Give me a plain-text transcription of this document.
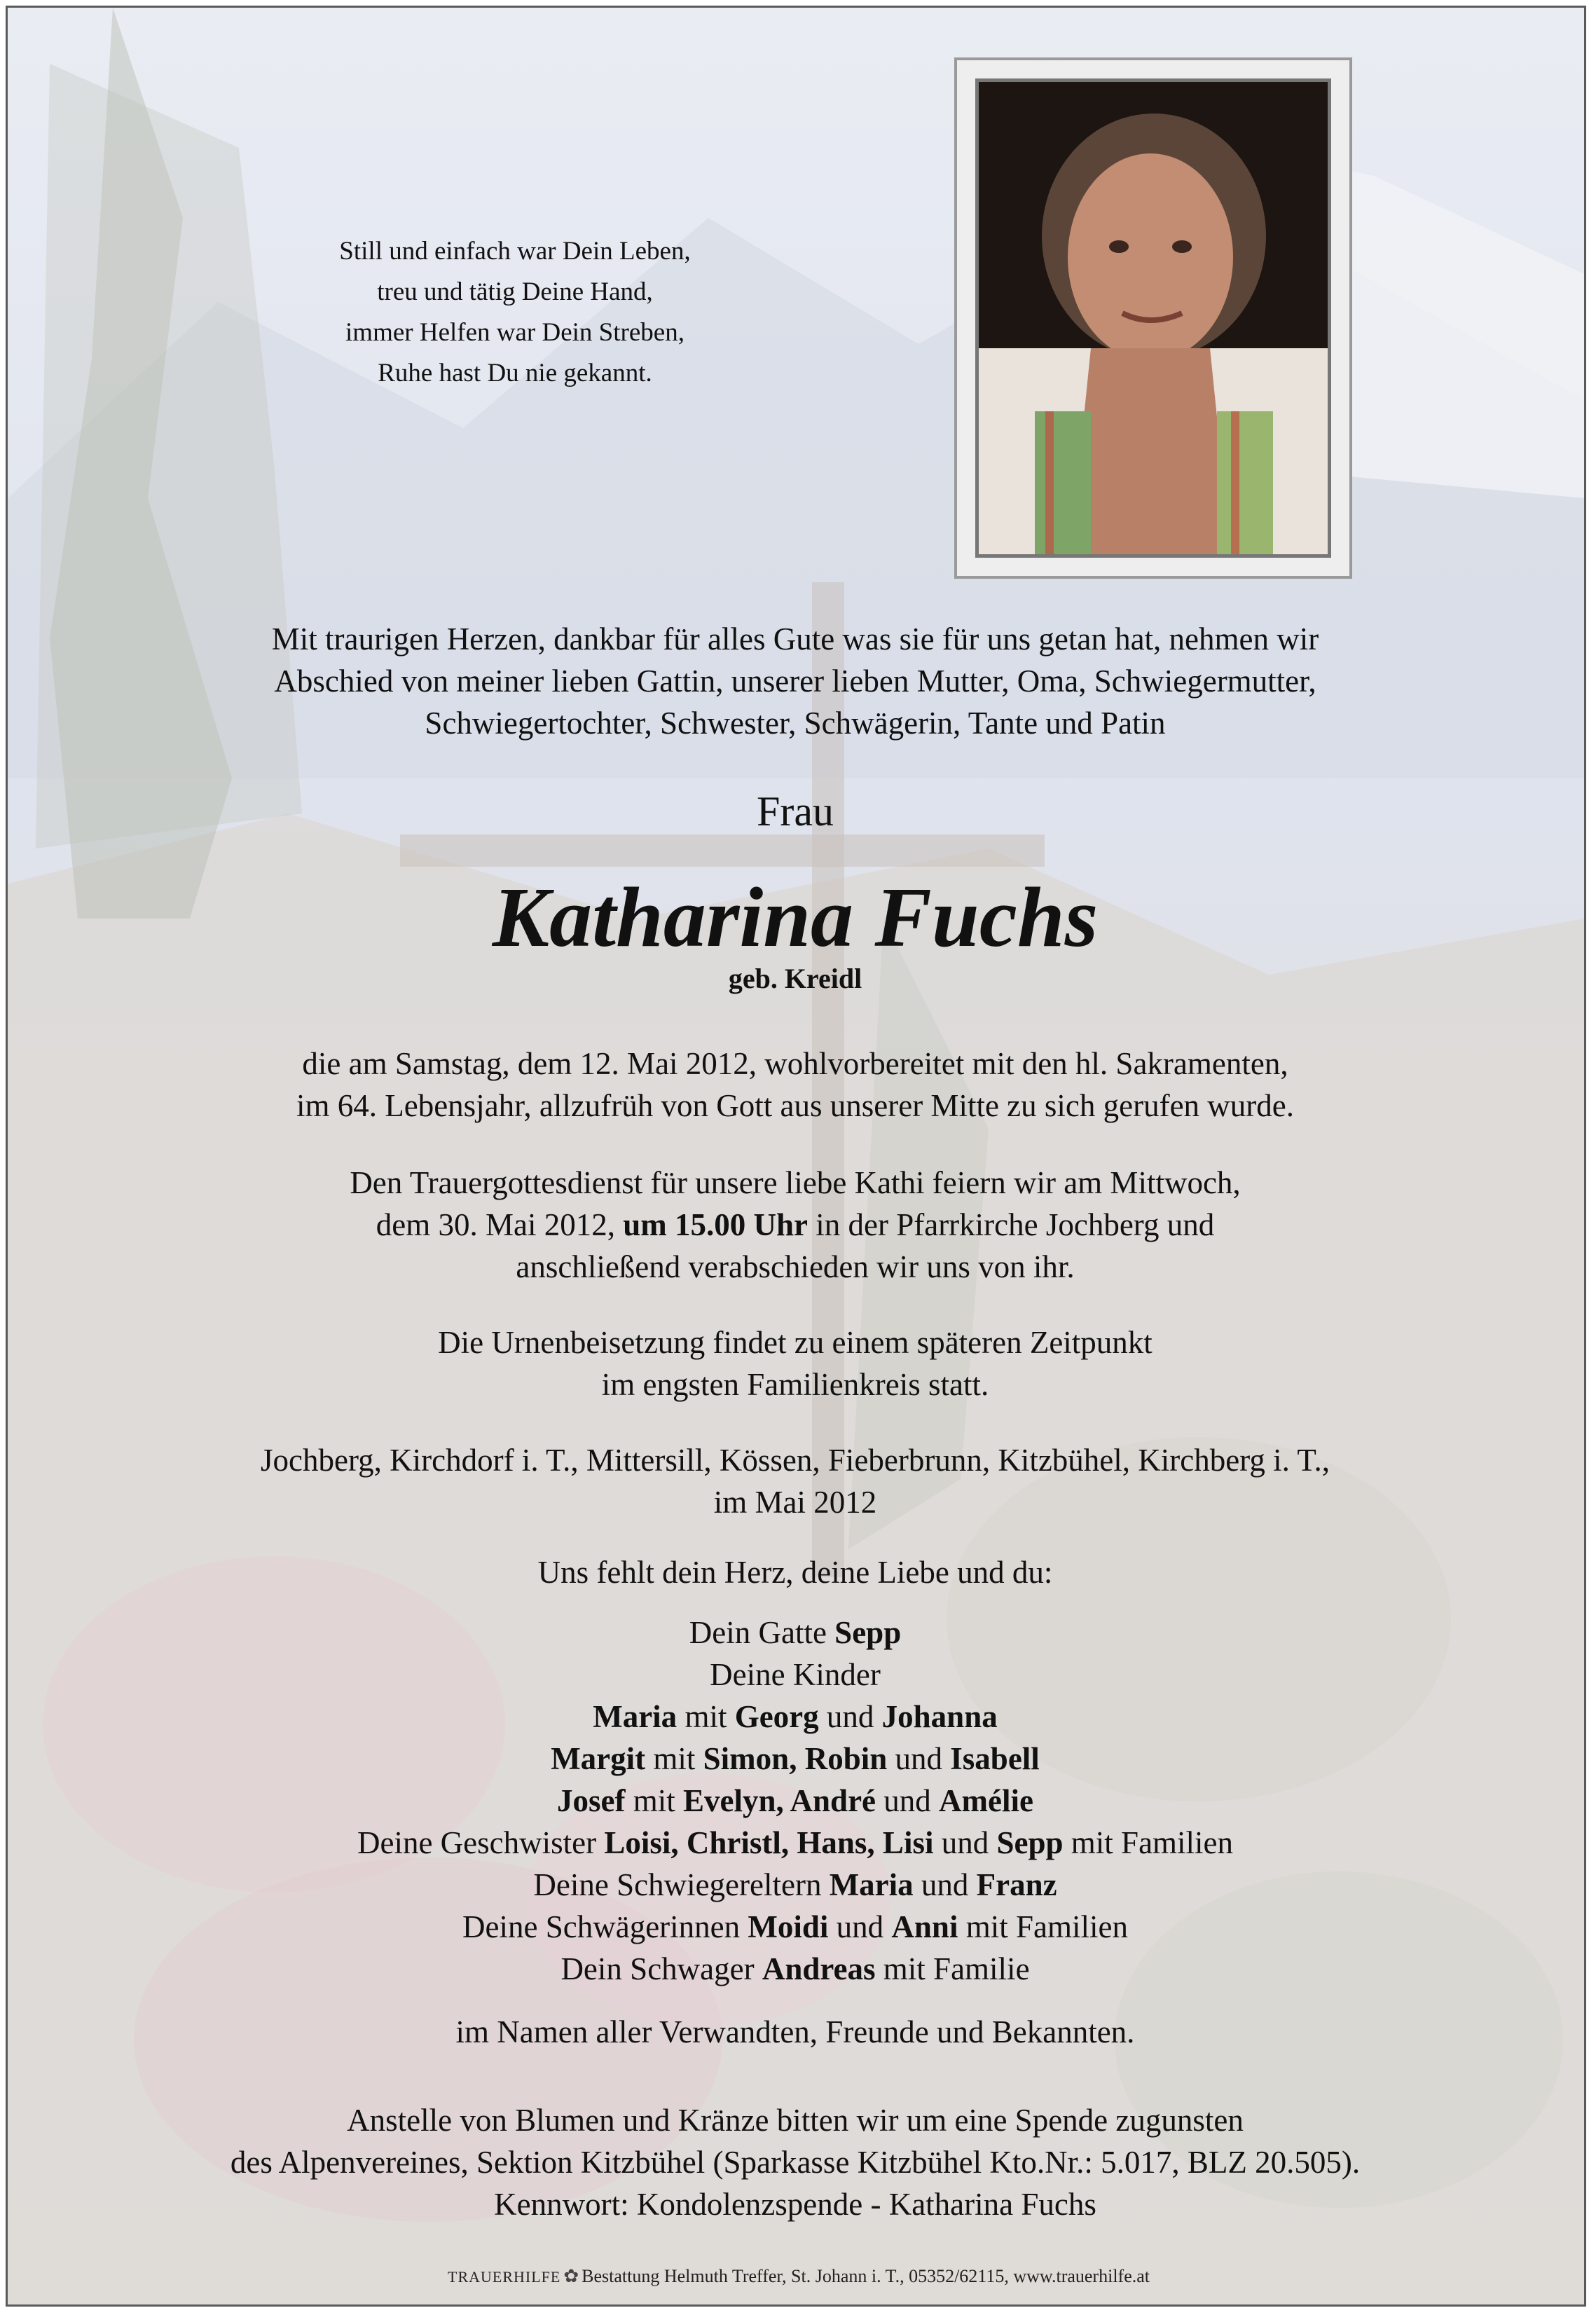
Still und einfach war Dein Leben,
treu und tätig Deine Hand,
immer Helfen war Dein Streben,
Ruhe hast Du nie gekannt.
Mit traurigen Herzen, dankbar für alles Gute was sie für uns getan hat, nehmen wir
Abschied von meiner lieben Gattin, unserer lieben Mutter, Oma, Schwiegermutter,
Schwiegertochter, Schwester, Schwägerin, Tante und Patin
Frau
Katharina Fuchs
geb. Kreidl
die am Samstag, dem 12. Mai 2012, wohlvorbereitet mit den hl. Sakramenten,
im 64. Lebensjahr, allzufrüh von Gott aus unserer Mitte zu sich gerufen wurde.
Den Trauergottesdienst für unsere liebe Kathi feiern wir am Mittwoch,
dem 30. Mai 2012, um 15.00 Uhr in der Pfarrkirche Jochberg und
anschließend verabschieden wir uns von ihr.
Die Urnenbeisetzung findet zu einem späteren Zeitpunkt
im engsten Familienkreis statt.
Jochberg, Kirchdorf i. T., Mittersill, Kössen, Fieberbrunn, Kitzbühel, Kirchberg i. T.,
im Mai 2012
Uns fehlt dein Herz, deine Liebe und du:
Dein Gatte Sepp
Deine Kinder
Maria mit Georg und Johanna
Margit mit Simon, Robin und Isabell
Josef mit Evelyn, André und Amélie
Deine Geschwister Loisi, Christl, Hans, Lisi und Sepp mit Familien
Deine Schwiegereltern Maria und Franz
Deine Schwägerinnen Moidi und Anni mit Familien
Dein Schwager Andreas mit Familie
im Namen aller Verwandten, Freunde und Bekannten.
Anstelle von Blumen und Kränze bitten wir um eine Spende zugunsten
des Alpenvereines, Sektion Kitzbühel (Sparkasse Kitzbühel Kto.Nr.: 5.017, BLZ 20.505).
Kennwort: Kondolenzspende - Katharina Fuchs
TRAUERHILFE ✿ Bestattung Helmuth Treffer, St. Johann i. T., 05352/62115, www.trauerhilfe.at
